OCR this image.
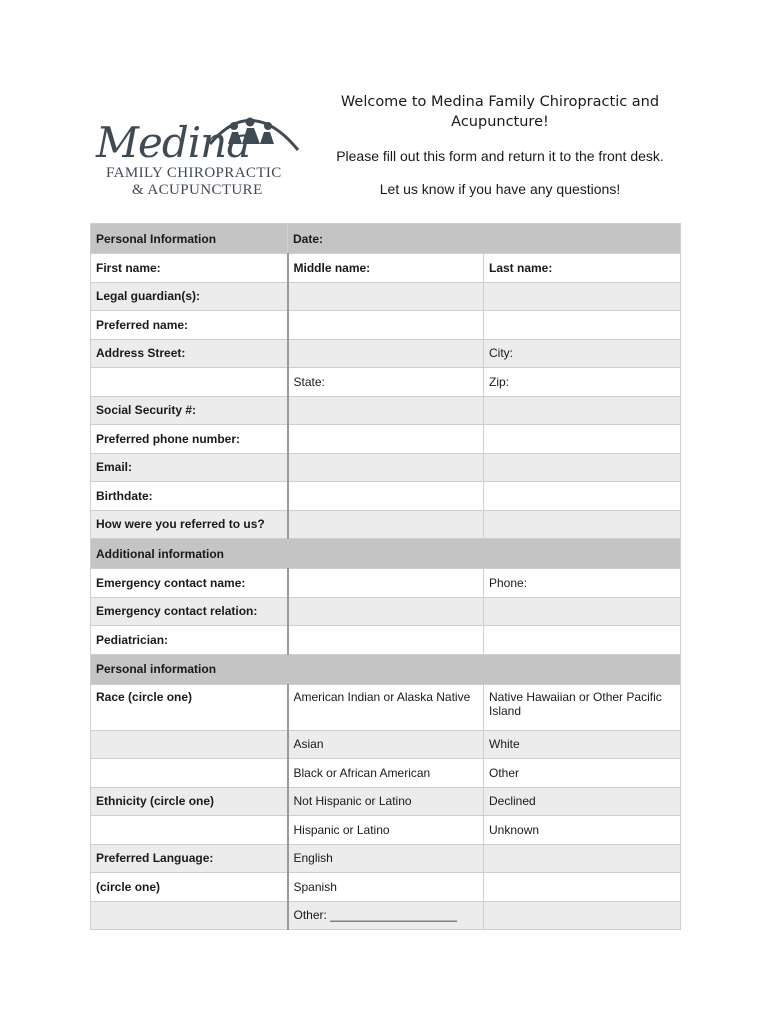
Medina
FAMILY CHIROPRACTIC
& ACUPUNCTURE
Welcome to Medina Family Chiropractic and Acupuncture!
Please fill out this form and return it to the front desk.
Let us know if you have any questions!
Personal Information	Date:	
First name:	Middle name:	Last name:
Legal guardian(s):		
Preferred name:		
Address Street:		City:
	State:	Zip:
Social Security #:		
Preferred phone number:		
Email:		
Birthdate:		
How were you referred to us?		
Additional information		
Emergency contact name:		Phone:
Emergency contact relation:		
Pediatrician:		
Personal information		
Race (circle one)	American Indian or Alaska Native	Native Hawaiian or Other Pacific Island
	Asian	White
	Black or African American	Other
Ethnicity (circle one)	Not Hispanic or Latino	Declined
	Hispanic or Latino	Unknown
Preferred Language:	English	
(circle one)	Spanish	
	Other: ___________________	
